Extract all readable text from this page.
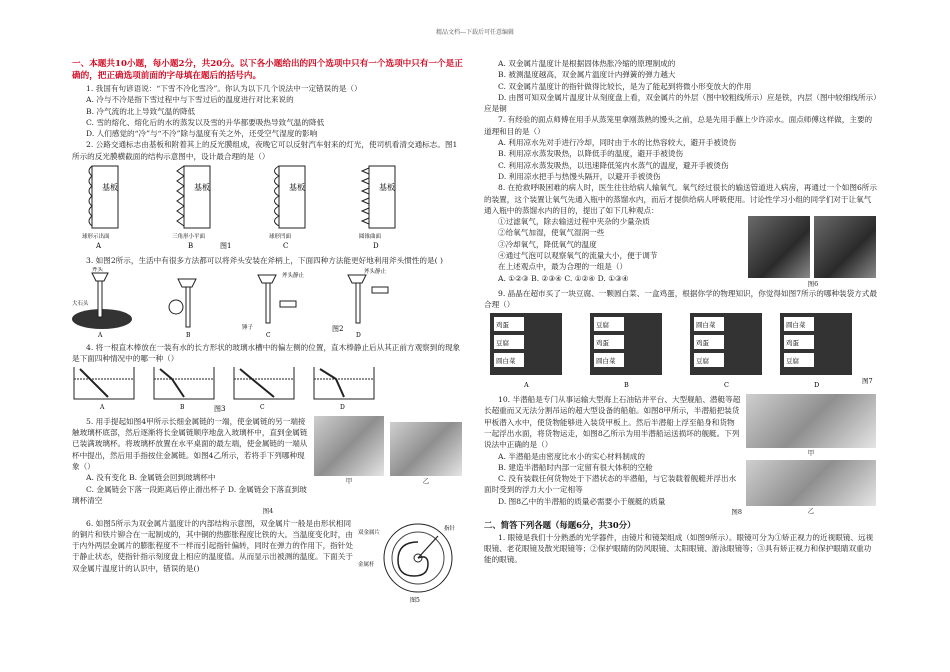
精品文档---下载后可任意编辑
一、本题共10小题，每小题2分，共20分。以下各小题给出的四个选项中只有一个选项中只有一个是正确的，把正确选项前面的字母填在题后的括号内。
1. 我国有句谚语说：“下雪不冷化雪冷”。你认为以下几个说法中一定错误的是（）
A. 冷与不冷是指下雪过程中与下雪过后的温度进行对比来说的
B. 冷气流的北上导致气温的降低
C. 雪的熔化、熔化后的水的蒸发以及雪的升华都要吸热导致气温的降低
D. 人们感觉的“冷”与“不冷”除与温度有关之外，还受空气湿度的影响
2. 公路交通标志由基板和附着其上的反光膜组成，夜晚它可以反射汽车射来的灯光，使司机看清交通标志。图1所示的反光膜横截面的结构示意图中，设计最合理的是（）
基板
球形示出面
A
基板
三角形小平面
B
基板
球形凹面
C
基板
圆锥曲面
D
图1
3. 如图2所示，生活中有很多方法都可以将斧头安装在斧柄上，下面四种方法能更好地利用斧头惯性的是( )
斧头
大石头
A	B
斧头静止
锤子
C
斧头静止
D
图2
4. 将一根直木棒放在一装有水的长方形状的玻璃水槽中的偏左侧的位置，直木棒静止后从其正前方观察到的现象是下面四种情况中的哪一种（）
A	B	C	D
图3
甲	乙
5. 用手提起如图4甲所示长细金属链的一端，使金属链的另一端接触玻璃杯底部，然后逐渐将长金属链顺序地盘入玻璃杯中，直到金属链已装满玻璃杯。将玻璃杯放置在水平桌面的最左端，使金属链的一端从杯中提出，然后用手指按住金属链。如图4乙所示，若将手下列哪种现象（）
A. 没有变化 B. 金属链会回到玻璃杯中
C. 金属链会下落一段距离后停止滑出杯子 D. 金属链会下落直到玻璃杯清空
图4
双金属片
金属杆
指针
图5
6. 如图5所示为双金属片温度计的内部结构示意图，双金属片一般是由形状相同的铜片和铁片铆合在一起制成的，其中铜的热膨胀程度比铁的大。当温度变化时，由于内外两层金属片的膨胀程度不一样而引起指针偏转，同时在弹力的作用下，指针处于静止状态，使指针指示刻度盘上相应的温度值。从而显示出被测的温度。下面关于双金属片温度计的认识中，错误的是()
A. 双金属片温度计是根据固体热胀冷缩的原理制成的
B. 被测温度越高，双金属片温度计内弹簧的弹力越大
C. 双金属片温度计的指针做得比较长，是为了能起到将微小形变放大的作用
D. 由图可知双金属片温度计从刻度盘上看，双金属片的外层（图中较粗线所示）应是铁，内层（图中较细线所示）应是铜
7. 有经验的面点师傅在用手从蒸笼里拿刚蒸熟的馒头之前，总是先用手蘸上少许凉水。面点师傅这样做，主要的道理和目的是（）
A. 利用凉水先对手进行冷却，同时由于水的比热容较大，避开手被烫伤
B. 利用凉水蒸发吸热，以降低手的温度，避开手被烫伤
C. 利用凉水蒸发吸热，以迅速降低笼内水蒸气的温度，避开手被烫伤
D. 利用凉水把手与热馒头隔开，以避开手被烫伤
8. 在抢救呼吸困难的病人时，医生往往给病人输氧气。氧气经过很长的输送管道进入病房，再通过一个如图6所示的装置，这个装置让氧气先通入瓶中的蒸馏水内，而后才提供给病人呼吸使用。讨论性学习小组的同学们对于让氧气通入瓶中的蒸馏水内的目的，提出了如下几种观点：
图6
①过滤氧气，除去输送过程中夹杂的少量杂质
②给氧气加湿，使氧气湿润一些
③冷却氧气，降低氧气的温度
④通过气泡可以观察氧气的流量大小，便于调节
在上述观点中，最为合理的一组是（）
A. ①②③ B. ②③④ C. ①②④ D. ①③④
9. 晶晶在超市买了一块豆腐、一颗圆白菜、一盒鸡蛋，根据你学的物理知识，你觉得如图7所示的哪种装袋方式最合理（）
鸡蛋
豆腐
圆白菜
A
豆腐
鸡蛋
圆白菜
B
圆白菜
鸡蛋
豆腐
C
圆白菜
鸡蛋
豆腐
D	图7
甲
乙
10. 半潜船是专门从事运输大型海上石油钻井平台、大型舰船、潜艇等超长超重而又无法分割吊运的超大型设备的船舶。如图8甲所示，半潜船把装货甲板潜入水中，使货物能够进入装货甲板上。然后半潜船上浮至船身和货物一起浮出水面，将货物运走，如图8乙所示为用半潜船运送损坏的舰艇。下列说法中正确的是（）
A. 半潜船是由密度比水小的实心材料制成的
B. 建造半潜船时内部一定留有很大体积的空舱
C. 没有装载任何货物处于下潜状态的半潜船，与它装载着舰艇并浮出水面时受到的浮力大小一定相等
D. 图8乙中的半潜船的质量必需要小于舰艇的质量
图8
二、简答下列各题（每题6分，共30分）
1. 眼镜是我们十分熟悉的光学器件，由镜片和镜架组成（如图9所示）。眼镜可分为①矫正视力的近视眼镜、远视眼镜、老花眼镜及散光眼镜等；②保护眼睛的防风眼镜、太阳眼镜、游泳眼镜等；③具有矫正视力和保护眼睛双重功能的眼镜。
